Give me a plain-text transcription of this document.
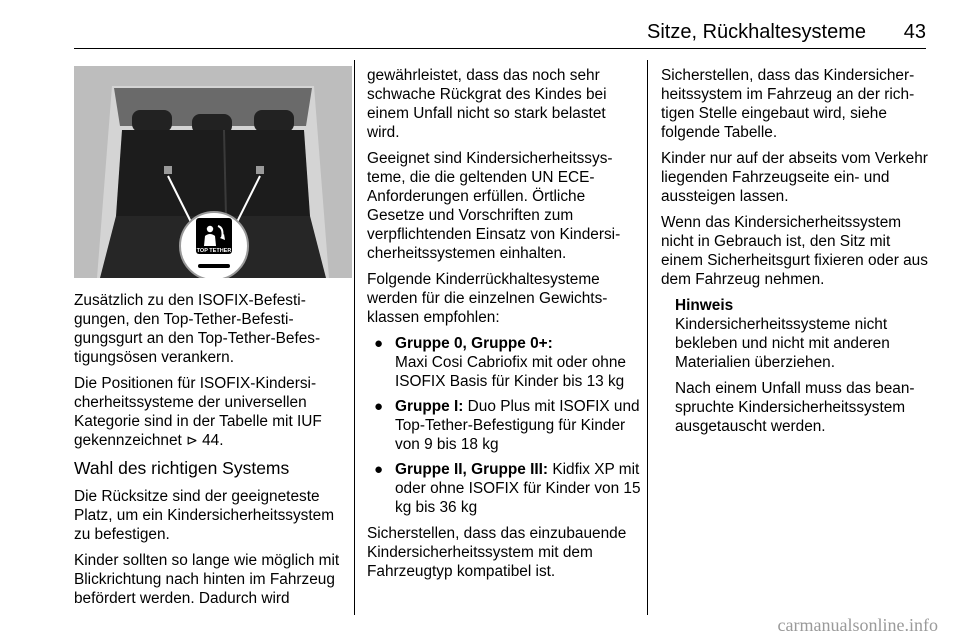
Sitze, Rückhaltesysteme 43
TOP TETHER

Zusätzlich zu den ISOFIX-Befestigungen, den Top-Tether-Befestigungsgurt an den Top-Tether-Befestigungsösen verankern.

Die Positionen für ISOFIX-Kindersicherheitssysteme der universellen Kategorie sind in der Tabelle mit IUF gekennzeichnet ⊳ 44.

Wahl des richtigen Systems

Die Rücksitze sind der geeigneteste Platz, um ein Kindersicherheitssystem zu befestigen.

Kinder sollten so lange wie möglich mit Blickrichtung nach hinten im Fahrzeug befördert werden. Dadurch wird

gewährleistet, dass das noch sehr schwache Rückgrat des Kindes bei einem Unfall nicht so stark belastet wird.

Geeignet sind Kindersicherheitssysteme, die die geltenden UN ECE-Anforderungen erfüllen. Örtliche Gesetze und Vorschriften zum verpflichtenden Einsatz von Kindersicherheitssystemen einhalten.

Folgende Kinderrückhaltesysteme werden für die einzelnen Gewichtsklassen empfohlen:

● Gruppe 0, Gruppe 0+:
Maxi Cosi Cabriofix mit oder ohne ISOFIX Basis für Kinder bis 13 kg
● Gruppe I: Duo Plus mit ISOFIX und Top-Tether-Befestigung für Kinder von 9 bis 18 kg
● Gruppe II, Gruppe III: Kidfix XP mit oder ohne ISOFIX für Kinder von 15 kg bis 36 kg

Sicherstellen, dass das einzubauende Kindersicherheitssystem mit dem Fahrzeugtyp kompatibel ist.

Sicherstellen, dass das Kindersicherheitssystem im Fahrzeug an der richtigen Stelle eingebaut wird, siehe folgende Tabelle.

Kinder nur auf der abseits vom Verkehr liegenden Fahrzeugseite ein- und aussteigen lassen.

Wenn das Kindersicherheitssystem nicht in Gebrauch ist, den Sitz mit einem Sicherheitsgurt fixieren oder aus dem Fahrzeug nehmen.

Hinweis

Kindersicherheitssysteme nicht bekleben und nicht mit anderen Materialien überziehen.

Nach einem Unfall muss das beanspruchte Kindersicherheitssystem ausgetauscht werden.

carmanualsonline.info
